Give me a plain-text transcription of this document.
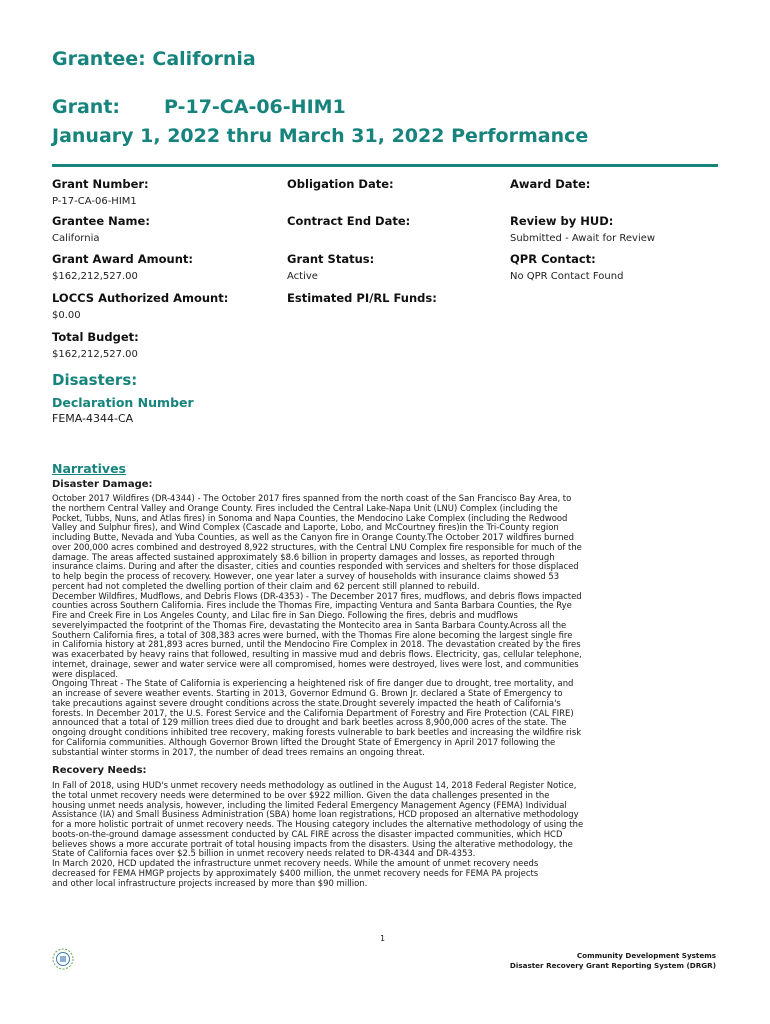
Grantee: California
Grant: P-17-CA-06-HIM1
January 1, 2022 thru March 31, 2022 Performance
Grant Number:
P-17-CA-06-HIM1
Obligation Date:	Award Date:
Grantee Name:
California
Contract End Date:	Review by HUD:
Submitted - Await for Review
Grant Award Amount:
$162,212,527.00
Grant Status:
Active
QPR Contact:
No QPR Contact Found
LOCCS Authorized Amount:
$0.00
Estimated PI/RL Funds:
Total Budget:
$162,212,527.00
Disasters:
Declaration Number
FEMA-4344-CA
Narratives
Disaster Damage:
October 2017 Wildfires (DR-4344) - The October 2017 fires spanned from the north coast of the San Francisco Bay Area, to
the northern Central Valley and Orange County. Fires included the Central Lake-Napa Unit (LNU) Complex (including the
Pocket, Tubbs, Nuns, and Atlas fires) in Sonoma and Napa Counties, the Mendocino Lake Complex (including the Redwood
Valley and Sulphur fires), and Wind Complex (Cascade and Laporte, Lobo, and McCourtney fires)in the Tri-County region
including Butte, Nevada and Yuba Counties, as well as the Canyon fire in Orange County.The October 2017 wildfires burned
over 200,000 acres combined and destroyed 8,922 structures, with the Central LNU Complex fire responsible for much of the
damage. The areas affected sustained approximately $8.6 billion in property damages and losses, as reported through
insurance claims. During and after the disaster, cities and counties responded with services and shelters for those displaced
to help begin the process of recovery. However, one year later a survey of households with insurance claims showed 53
percent had not completed the dwelling portion of their claim and 62 percent still planned to rebuild.
December Wildfires, Mudflows, and Debris Flows (DR-4353) - The December 2017 fires, mudflows, and debris flows impacted
counties across Southern California. Fires include the Thomas Fire, impacting Ventura and Santa Barbara Counties, the Rye
Fire and Creek Fire in Los Angeles County, and Lilac fire in San Diego. Following the fires, debris and mudflows
severelyimpacted the footprint of the Thomas Fire, devastating the Montecito area in Santa Barbara County.Across all the
Southern California fires, a total of 308,383 acres were burned, with the Thomas Fire alone becoming the largest single fire
in California history at 281,893 acres burned, until the Mendocino Fire Complex in 2018. The devastation created by the fires
was exacerbated by heavy rains that followed, resulting in massive mud and debris flows. Electricity, gas, cellular telephone,
internet, drainage, sewer and water service were all compromised, homes were destroyed, lives were lost, and communities
were displaced.
Ongoing Threat - The State of California is experiencing a heightened risk of fire danger due to drought, tree mortality, and
an increase of severe weather events. Starting in 2013, Governor Edmund G. Brown Jr. declared a State of Emergency to
take precautions against severe drought conditions across the state.Drought severely impacted the heath of California's
forests. In December 2017, the U.S. Forest Service and the California Department of Forestry and Fire Protection (CAL FIRE)
announced that a total of 129 million trees died due to drought and bark beetles across 8,900,000 acres of the state. The
ongoing drought conditions inhibited tree recovery, making forests vulnerable to bark beetles and increasing the wildfire risk
for California communities. Although Governor Brown lifted the Drought State of Emergency in April 2017 following the
substantial winter storms in 2017, the number of dead trees remains an ongoing threat.
Recovery Needs:
In Fall of 2018, using HUD's unmet recovery needs methodology as outlined in the August 14, 2018 Federal Register Notice,
the total unmet recovery needs were determined to be over $922 million. Given the data challenges presented in the
housing unmet needs analysis, however, including the limited Federal Emergency Management Agency (FEMA) Individual
Assistance (IA) and Small Business Administration (SBA) home loan registrations, HCD proposed an alternative methodology
for a more holistic portrait of unmet recovery needs. The Housing category includes the alternative methodology of using the
boots-on-the-ground damage assessment conducted by CAL FIRE across the disaster impacted communities, which HCD
believes shows a more accurate portrait of total housing impacts from the disasters. Using the alterative methodology, the
State of California faces over $2.5 billion in unmet recovery needs related to DR-4344 and DR-4353.
In March 2020, HCD updated the infrastructure unmet recovery needs. While the amount of unmet recovery needs
decreased for FEMA HMGP projects by approximately $400 million, the unmet recovery needs for FEMA PA projects
and other local infrastructure projects increased by more than $90 million.
1
Community Development Systems
Disaster Recovery Grant Reporting System (DRGR)
